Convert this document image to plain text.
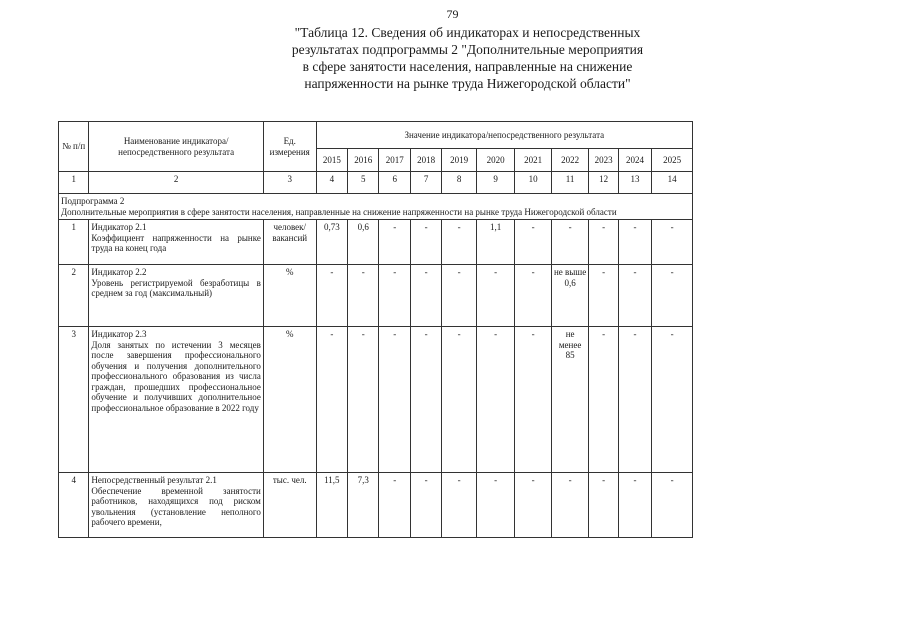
79
"Таблица 12. Сведения об индикаторах и непосредственных
результатах подпрограммы 2 "Дополнительные мероприятия
в сфере занятости населения, направленные на снижение
напряженности на рынке труда Нижегородской области"
№ п/п	Наименование индикатора/непосредственного результата	Ед. измерения	Значение индикатора/непосредственного результата										
			2015	2016	2017	2018	2019	2020	2021	2022	2023	2024	2025
1	2	3	4	5	6	7	8	9	10	11	12	13	14

Подпрограмма 2
Дополнительные мероприятия в сфере занятости населения, направленные на снижение напряженности на рынке труда Нижегородской области													

1	Индикатор 2.1
Коэффициент напряженности на рынке труда на конец года	человек/вакансий	0,73	0,6	-	-	-	1,1	-	-	-	-	-
2	Индикатор 2.2
Уровень регистрируемой безработицы в среднем за год (максимальный)	%	-	-	-	-	-	-	-	не выше 0,6	-	-	-
3	Индикатор 2.3
Доля занятых по истечении 3 месяцев после завершения профессионального обучения и получения дополнительного профессионального образования из числа граждан, прошедших профессиональное обучение и получивших дополнительное профессиональное образование в 2022 году	%	-	-	-	-	-	-	-	не менее 85	-	-	-
4	Непосредственный результат 2.1
Обеспечение временной занятости работников, находящихся под риском увольнения (установление неполного рабочего времени,	тыс. чел.	11,5	7,3	-	-	-	-	-	-	-	-	-
